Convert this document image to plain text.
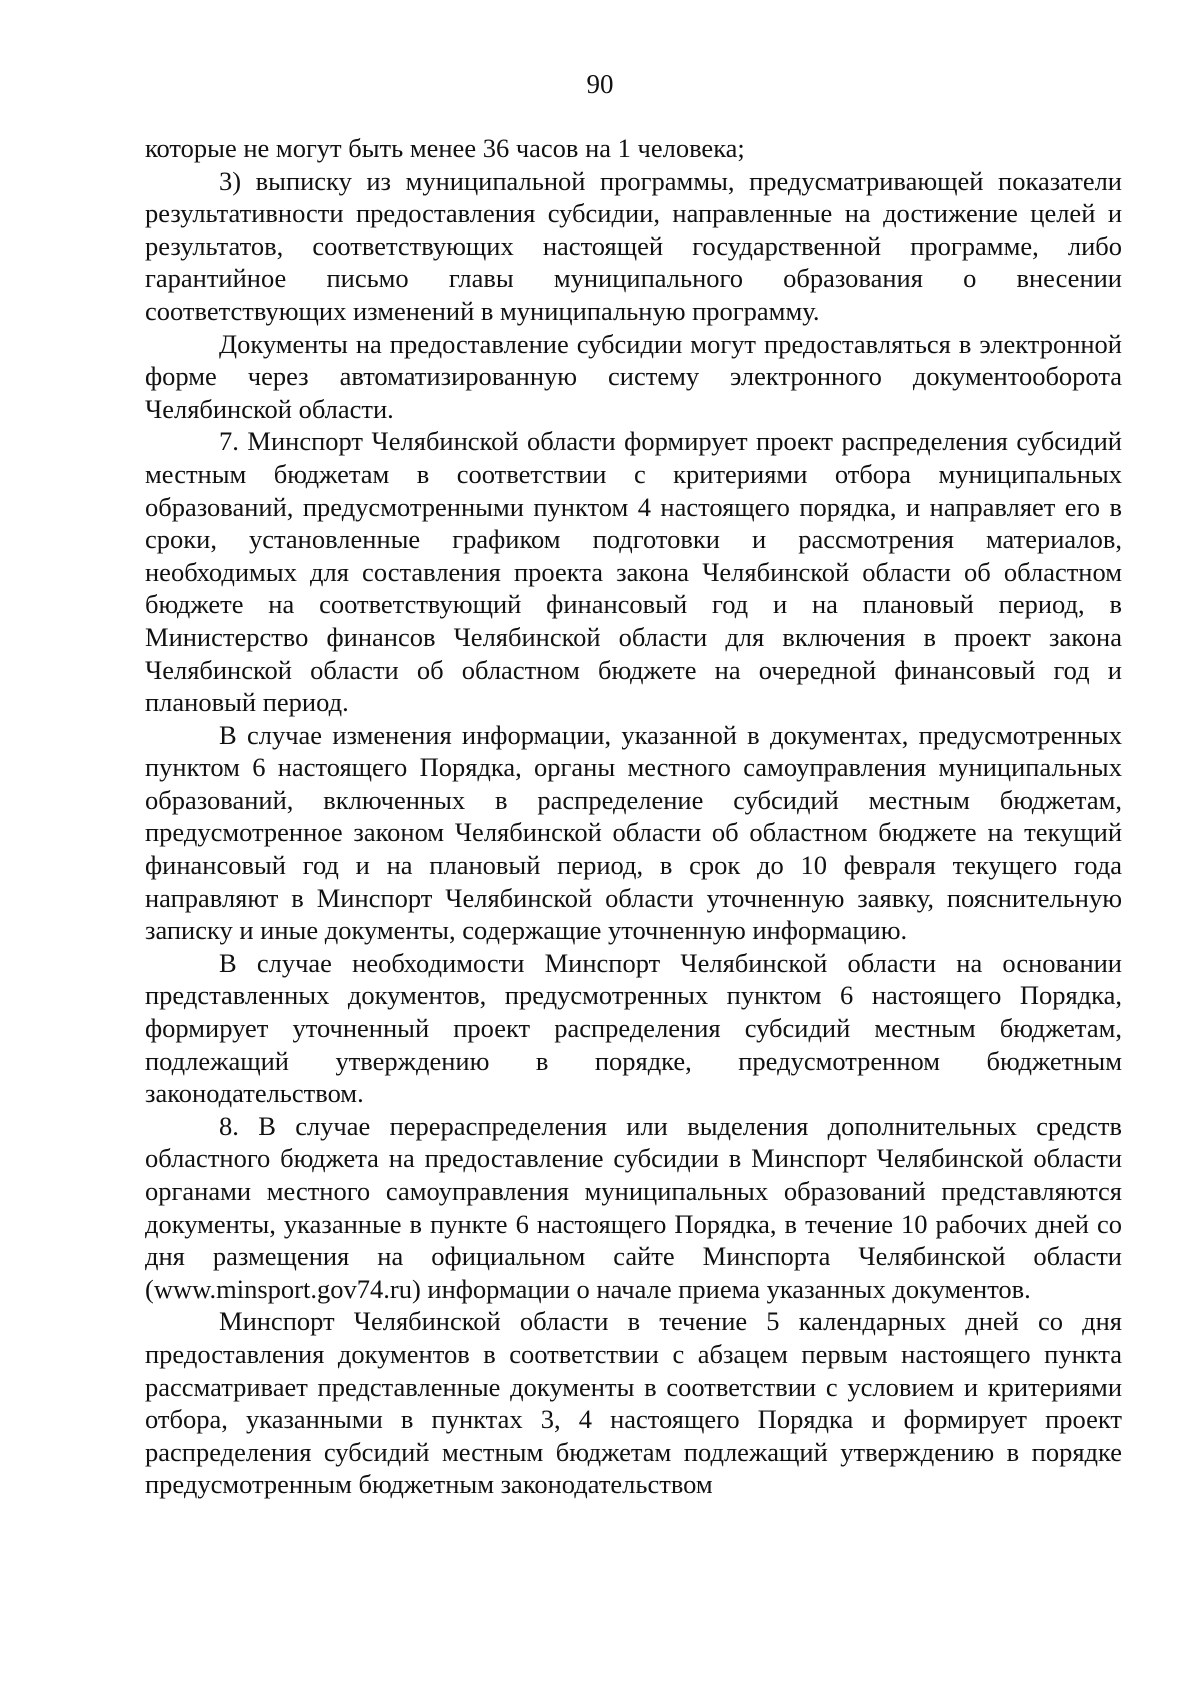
90

которые не могут быть менее 36 часов на 1 человека;

3) выписку из муниципальной программы, предусматривающей показатели результативности предоставления субсидии, направленные на достижение целей и результатов, соответствующих настоящей государственной программе, либо гарантийное письмо главы муниципального образования о внесении соответствующих изменений в муниципальную программу.

Документы на предоставление субсидии могут предоставляться в электронной форме через автоматизированную систему электронного документооборота Челябинской области.

7. Минспорт Челябинской области формирует проект распределения субсидий местным бюджетам в соответствии с критериями отбора муниципальных образований, предусмотренными пунктом 4 настоящего порядка, и направляет его в сроки, установленные графиком подготовки и рассмотрения материалов, необходимых для составления проекта закона Челябинской области об областном бюджете на соответствующий финансовый год и на плановый период, в Министерство финансов Челябинской области для включения в проект закона Челябинской области об областном бюджете на очередной финансовый год и плановый период.

В случае изменения информации, указанной в документах, предусмотренных пунктом 6 настоящего Порядка, органы местного самоуправления муниципальных образований, включенных в распределение субсидий местным бюджетам, предусмотренное законом Челябинской области об областном бюджете на текущий финансовый год и на плановый период, в срок до 10 февраля текущего года направляют в Минспорт Челябинской области уточненную заявку, пояснительную записку и иные документы, содержащие уточненную информацию.

В случае необходимости Минспорт Челябинской области на основании представленных документов, предусмотренных пунктом 6 настоящего Порядка, формирует уточненный проект распределения субсидий местным бюджетам, подлежащий утверждению в порядке, предусмотренном бюджетным законодательством.

8. В случае перераспределения или выделения дополнительных средств областного бюджета на предоставление субсидии в Минспорт Челябинской области органами местного самоуправления муниципальных образований представляются документы, указанные в пункте 6 настоящего Порядка, в течение 10 рабочих дней со дня размещения на официальном сайте Минспорта Челябинской области (www.minsport.gov74.ru) информации о начале приема указанных документов.

Минспорт Челябинской области в течение 5 календарных дней со дня предоставления документов в соответствии с абзацем первым настоящего пункта рассматривает представленные документы в соответствии с условием и критериями отбора, указанными в пунктах 3, 4 настоящего Порядка и формирует проект распределения субсидий местным бюджетам подлежащий утверждению в порядке предусмотренным бюджетным законодательством
